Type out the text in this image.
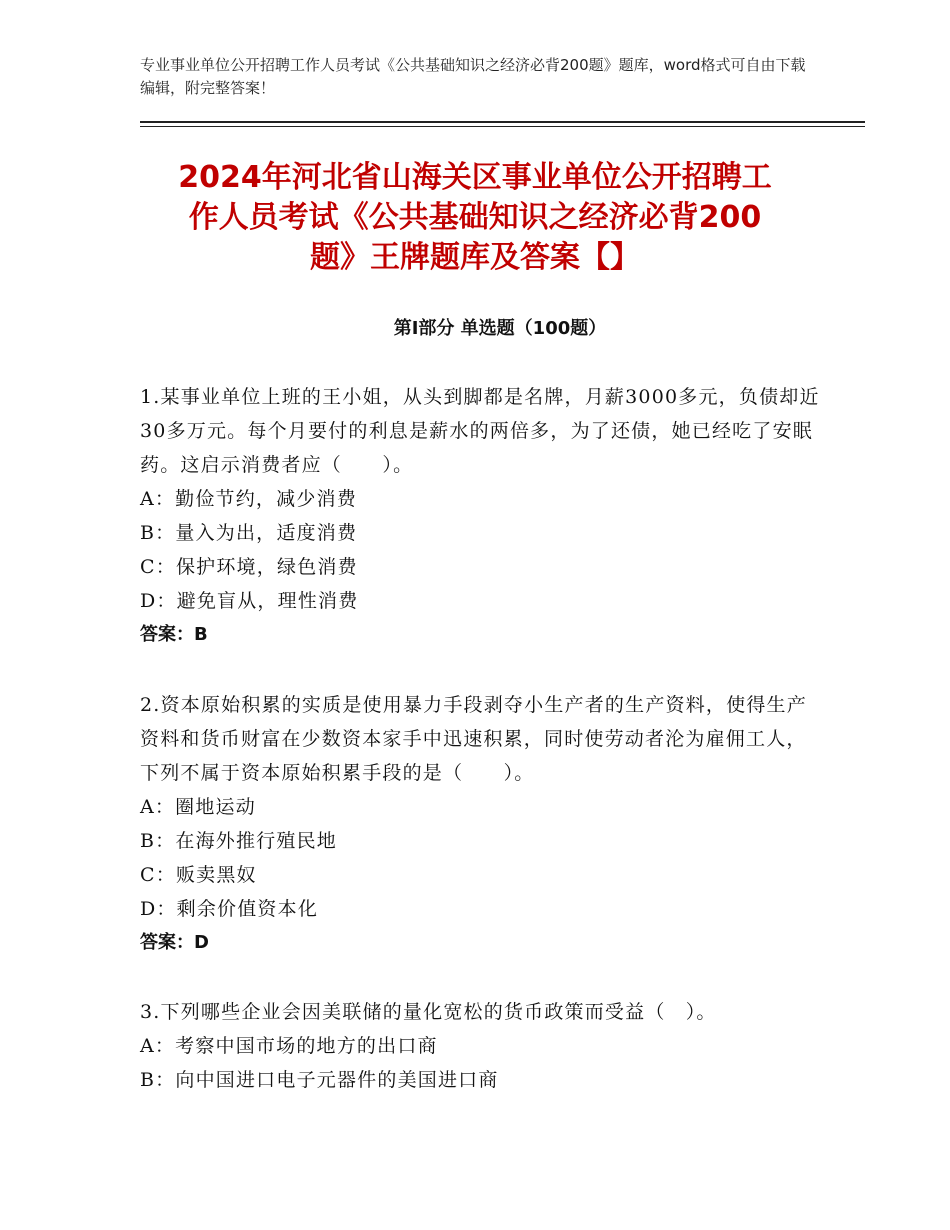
专业事业单位公开招聘工作人员考试《公共基础知识之经济必背200题》题库，word格式可自由下载编辑，附完整答案！
2024年河北省山海关区事业单位公开招聘工
作人员考试《公共基础知识之经济必背200
题》王牌题库及答案【】
第Ⅰ部分 单选题（100题）

1.某事业单位上班的王小姐，从头到脚都是名牌，月薪3000多元，负债却近30多万元。每个月要付的利息是薪水的两倍多，为了还债，她已经吃了安眠药。这启示消费者应（　　）。

A：勤俭节约，减少消费

B：量入为出，适度消费

C：保护环境，绿色消费

D：避免盲从，理性消费

答案：B

2.资本原始积累的实质是使用暴力手段剥夺小生产者的生产资料，使得生产资料和货币财富在少数资本家手中迅速积累，同时使劳动者沦为雇佣工人，下列不属于资本原始积累手段的是（　　）。

A：圈地运动

B：在海外推行殖民地

C：贩卖黑奴

D：剩余价值资本化

答案：D

3.下列哪些企业会因美联储的量化宽松的货币政策而受益（　）。

A：考察中国市场的地方的出口商

B：向中国进口电子元器件的美国进口商
